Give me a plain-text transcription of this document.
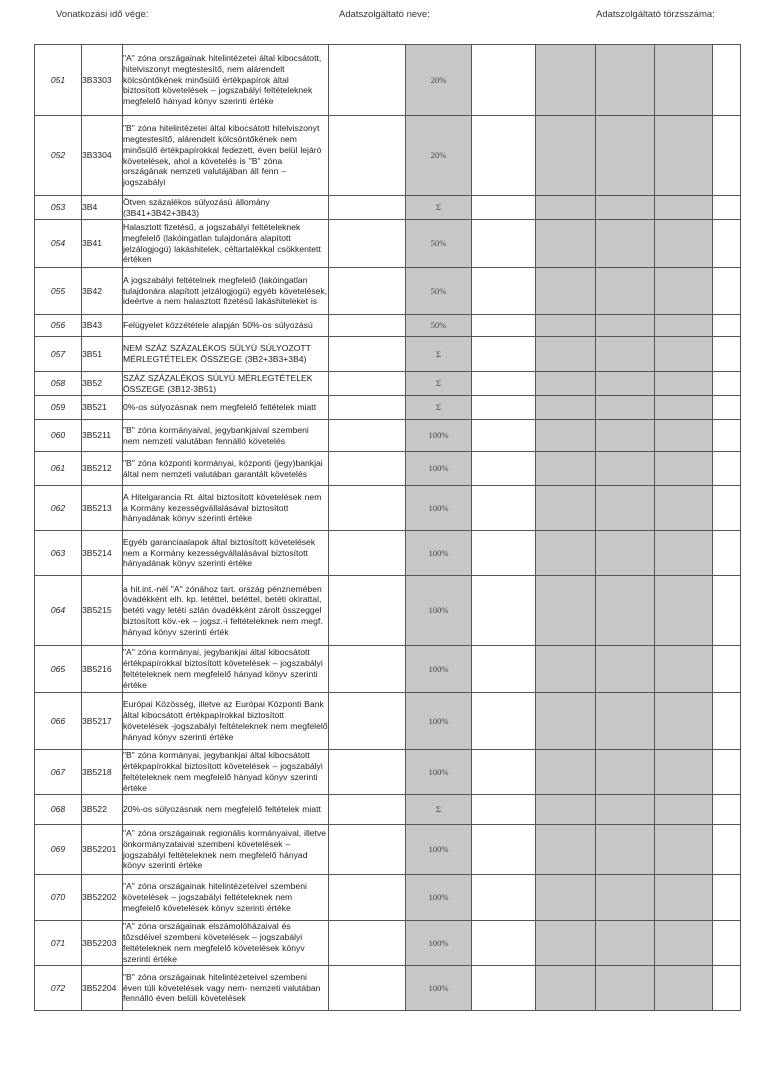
Vonatkozási idő vége:	Adatszolgáltató neve:	Adatszolgáltató törzsszáma:
051	3B3303	"A" zóna országainak hitelintézetei által kibocsátott, hitelviszonyt megtestesítő, nem alárendelt kölcsöntőkének minősülő értékpapírok által biztosított követelések – jogszabályi feltételeknek megfelelő hányad könyv szerinti értéke		20%					
052	3B3304	"B" zóna hitelintézetei által kibocsátott hitelviszonyt megtestesítő, alárendelt kölcsöntőkének nem minősülő értékpapírokkal fedezett, éven belül lejáró követelések, ahol a követelés is "B" zóna országának nemzeti valutájában áll fenn – jogszabályi		20%					
053	3B4	Ötven százalékos súlyozású állomány (3B41+3B42+3B43)		Σ					
054	3B41	Halasztott fizetésű, a jogszabályi feltételeknek megfelelő (lakóingatlan tulajdonára alapított jelzálogjogú) lakáshitelek, céltartalékkal csökkentett értéken		50%					
055	3B42	A jogszabályi feltételnek megfelelő (lakóingatlan tulajdonára alapított jelzálogjogú) egyéb követelések, ideértve a nem halasztott fizetésű lakáshiteleket is		50%					
056	3B43	Felügyelet közzététele alapján 50%-os súlyozású		50%					
057	3B51	NEM SZÁZ SZÁZALÉKOS SÚLYÚ SÚLYOZOTT MÉRLEGTÉTELEK ÖSSZEGE (3B2+3B3+3B4)		Σ					
058	3B52	SZÁZ SZÁZALÉKOS SÚLYÚ MÉRLEGTÉTELEK ÖSSZEGE (3B12-3B51)		Σ					
059	3B521	0%-os súlyozásnak nem megfelelő feltételek miatt		Σ					
060	3B5211	"B" zóna kormányaival, jegybankjaival szembeni nem nemzeti valutában fennálló követelés		100%					
061	3B5212	"B" zóna központi kormányai, központi (jegy)bankjai által nem nemzeti valutában garantált követelés		100%					
062	3B5213	A Hitelgarancia Rt. által biztosított követelések nem a Kormány kezességvállalásával biztosított hányadának könyv szerinti értéke		100%					
063	3B5214	Egyéb garanciaalapok által biztosított követelések nem a Kormány kezességvállalásával biztosított hányadának könyv szerinti értéke		100%					
064	3B5215	a hit.int.-nél "A" zónához tart. ország pénznemében óvadékként elh. kp. letéttel, betéttel, betéti okirattal, betéti vagy letéti szlán óvadékként zárolt összeggel biztosított köv.-ek – jogsz.-i feltételeknek nem megf. hányad könyv szerinti érték		100%					
065	3B5216	"A" zóna kormányai, jegybankjai által kibocsátott értékpapírokkal biztosított követelések – jogszabályi feltételeknek nem megfelelő hányad könyv szerinti értéke		100%					
066	3B5217	Európai Közösség, illetve az Európai Központi Bank által kibocsátott értékpapírokkal biztosított követelések -jogszabályi feltételeknek nem megfelelő hányad könyv szerinti értéke		100%					
067	3B5218	"B" zóna kormányai, jegybankjai által kibocsátott értékpapírokkal biztosított követelések – jogszabályi feltételeknek nem megfelelő hányad könyv szerinti értéke		100%					
068	3B522	20%-os súlyozásnak nem megfelelő feltételek miatt		Σ					
069	3B52201	"A" zóna országainak regionális kormányaival, illetve önkormányzataival szembeni követelések – jogszabályi feltételeknek nem megfelelő hányad könyv szerinti értéke		100%					
070	3B52202	"A" zóna országainak hitelintézeteivel szembeni követelések – jogszabályi feltételeknek nem megfelelő követelések könyv szerinti értéke		100%					
071	3B52203	"A" zóna országainak elszámolóházaival és tőzsdéivel szembeni követelések – jogszabályi feltételeknek nem megfelelő követelések könyv szerinti értéke		100%					
072	3B52204	"B" zóna országainak hitelintézeteivel szembeni éven túli követelések vagy nem- nemzeti valutában fennálló éven belüli követelések		100%					
